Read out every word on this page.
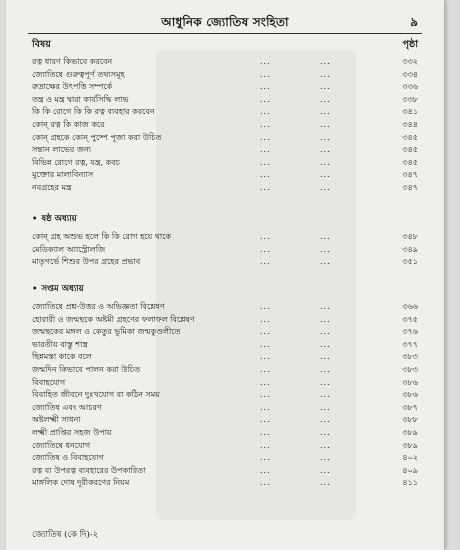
আধুনিক জ্যোতিষ সংহিতা	৯
বিষয়	পৃষ্ঠা
রত্ন ধারণ কিভাবে করবেন	...	...	৩৩২
জ্যোতিষে গুরুত্বপূর্ণ তথ্যসমূহ	...	...	৩৩৪
রুদ্রাক্ষের উৎপত্তি সম্পর্কে	...	...	৩৩৬
তন্ত্র ও মন্ত্র দ্বারা কার্যসিদ্ধি লাভ	...	...	৩৩৮
কি কি রোগে কি কি রত্ন ব্যবহার করবেন	...	...	৩৪১
কোন্ রত্ন কি কাজ করে	...	...	৩৪৪
কোন্ গ্রহকে কোন্ পুষ্পে পূজা করা উচিত	...	...	৩৪৫
সন্তান লাভের জন্য	...	...	৩৪৫
বিভিন্ন রোগে রত্ন, যন্ত্র, কবচ	...	...	৩৪৫
মুক্তোর মালাবিন্যাস	...	...	৩৪৭
নবগ্রহের মন্ত্র	...	...	৩৪৭
• ষষ্ঠ অধ্যায়
কোন্ গ্রহ অশুভ হলে কি কি রোগ হয়ে থাকে	...	...	৩৪৮
মেডিক্যাল অ্যাস্ট্রোলজি	...	...	৩৪৯
মাতৃগর্ভে শিশুর উপর গ্রহের প্রভাব	...	...	৩৫১
• সপ্তম অধ্যায়
জ্যোতিষে প্রশ্ন-উত্তর ও অভিজ্ঞতা বিশ্লেষণ	...	...	৩৬৬
হোরারী ও জন্মছকে অষ্টমী গ্রহণের ফলাফল বিশ্লেষণ	...	...	৩৭৫
জন্মছকের মঙ্গল ও কেতুর ভূমিকা জন্মকুণ্ডলীতে	...	...	৩৭৬
ভারতীয় বাস্তু শাস্ত্র	...	...	৩৭৭
ছিন্নমস্তা কাকে বলে	...	...	৩৮৩
জন্মদিন কিভাবে পালন করা উচিত	...	...	৩৮৩
বিবাহযোগ	...	...	৩৮৬
বিবাহিত জীবনে দুঃখযোগ বা কঠিন সময়	...	...	৩৮৬
জ্যোতিষ এবং আচরণ	...	...	৩৮৭
অষ্টলক্ষ্মী সাধনা	...	...	৩৮৮
লক্ষ্মী প্রাপ্তির সহজ উপায়	...	...	৩৮৯
জ্যোতিষে ধনযোগ	...	...	৩৮৯
জ্যোতিষ ও বিবাহযোগ	...	...	৪০২
রত্ন বা উপরত্ন ব্যবহারের উপকারিতা	...	...	৪০৯
মাঙ্গলিক দোষ দূরীকরণের নিয়ম	...	...	৪১১
জ্যোতিষ (কে দি)-২
